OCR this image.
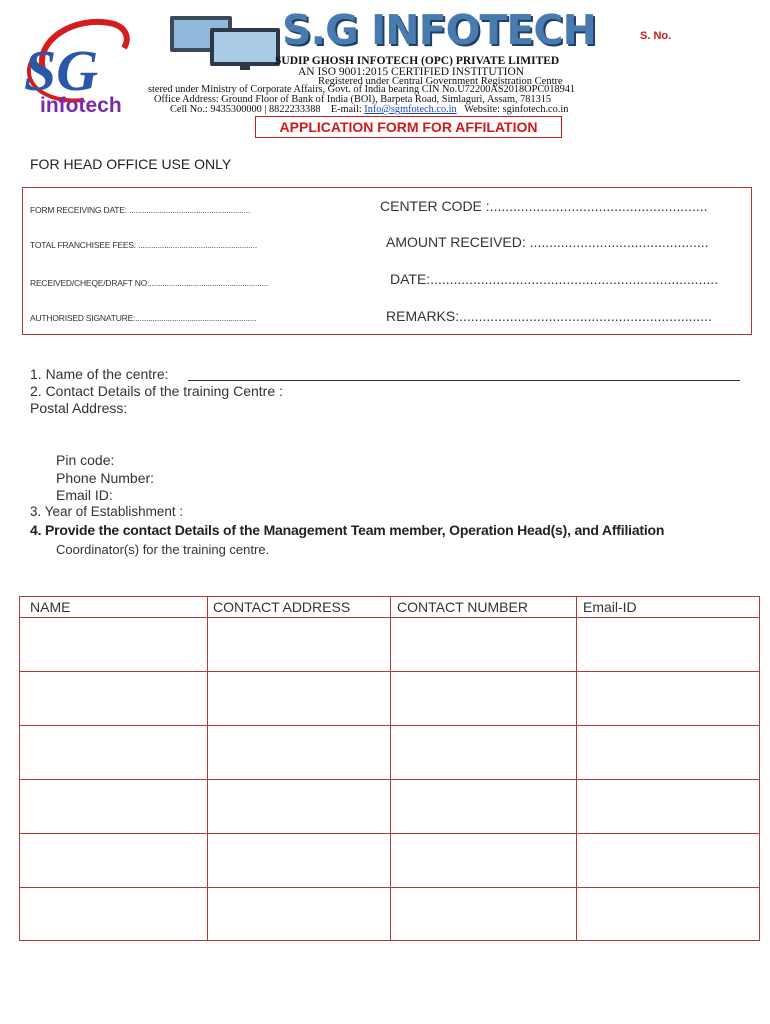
SG
infotech
S.G INFOTECH	S. No.
SUDIP GHOSH INFOTECH (OPC) PRIVATE LIMITED
AN ISO 9001:2015 CERTIFIED INSTITUTION
Registered under Central Government Registration Centre
stered under Ministry of Corporate Affairs, Govt. of India bearing CIN No.U72200AS2018OPC018941
Office Address: Ground Floor of Bank of India (BOI), Barpeta Road, Simlaguri, Assam, 781315
Cell No.: 9435300000 | 8822233388 E-mail: Info@sgmfotech.co.in Website: sginfotech.co.in
APPLICATION FORM FOR AFFILATION
FOR HEAD OFFICE USE ONLY
FORM RECEIVING DATE: ........................................................
TOTAL FRANCHISEE FEES: .......................................................
RECEIVED/CHEQE/DRAFT NO:.......................................................
AUTHORISED SIGNATURE:........................................................
CENTER CODE :........................................................
AMOUNT RECEIVED: ..............................................
DATE:..........................................................................
REMARKS:.................................................................
1. Name of the centre:
2. Contact Details of the training Centre :
Postal Address:
Pin code:
Phone Number:
Email ID:
3. Year of Establishment :
4. Provide the contact Details of the Management Team member, Operation Head(s), and Affiliation
Coordinator(s) for the training centre.
NAME	CONTACT ADDRESS	CONTACT NUMBER	Email-ID
